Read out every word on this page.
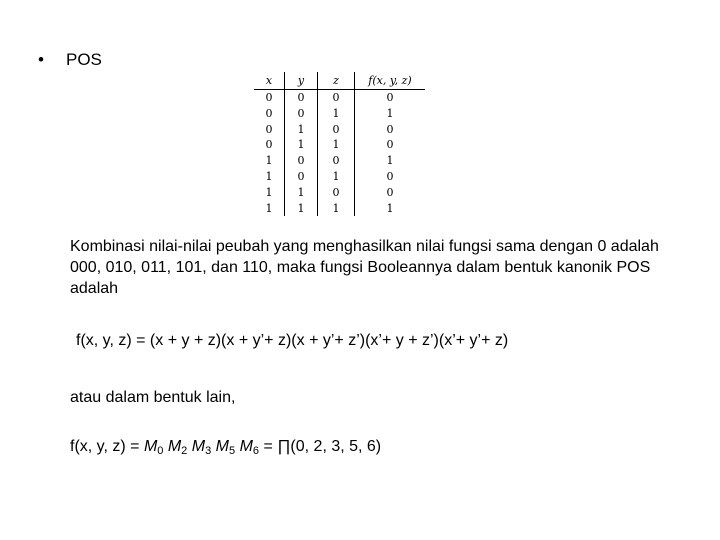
• POS
x	y	z	f(x, y, z)
0	0	0	0
0	0	1	1
0	1	0	0
0	1	1	0
1	0	0	1
1	0	1	0
1	1	0	0
1	1	1	1
Kombinasi nilai-nilai peubah yang menghasilkan nilai fungsi sama dengan 0 adalah 000, 010, 011, 101, dan 110, maka fungsi Booleannya dalam bentuk kanonik POS adalah
f(x, y, z) = (x + y + z)(x + y’+ z)(x + y’+ z’)(x’+ y + z’)(x’+ y’+ z)
atau dalam bentuk lain,
f(x, y, $z) = M_0$ $M_2$ $M_3$ $M_5$ $M_6$ = ∏(0, 2, 3, 5, 6)
